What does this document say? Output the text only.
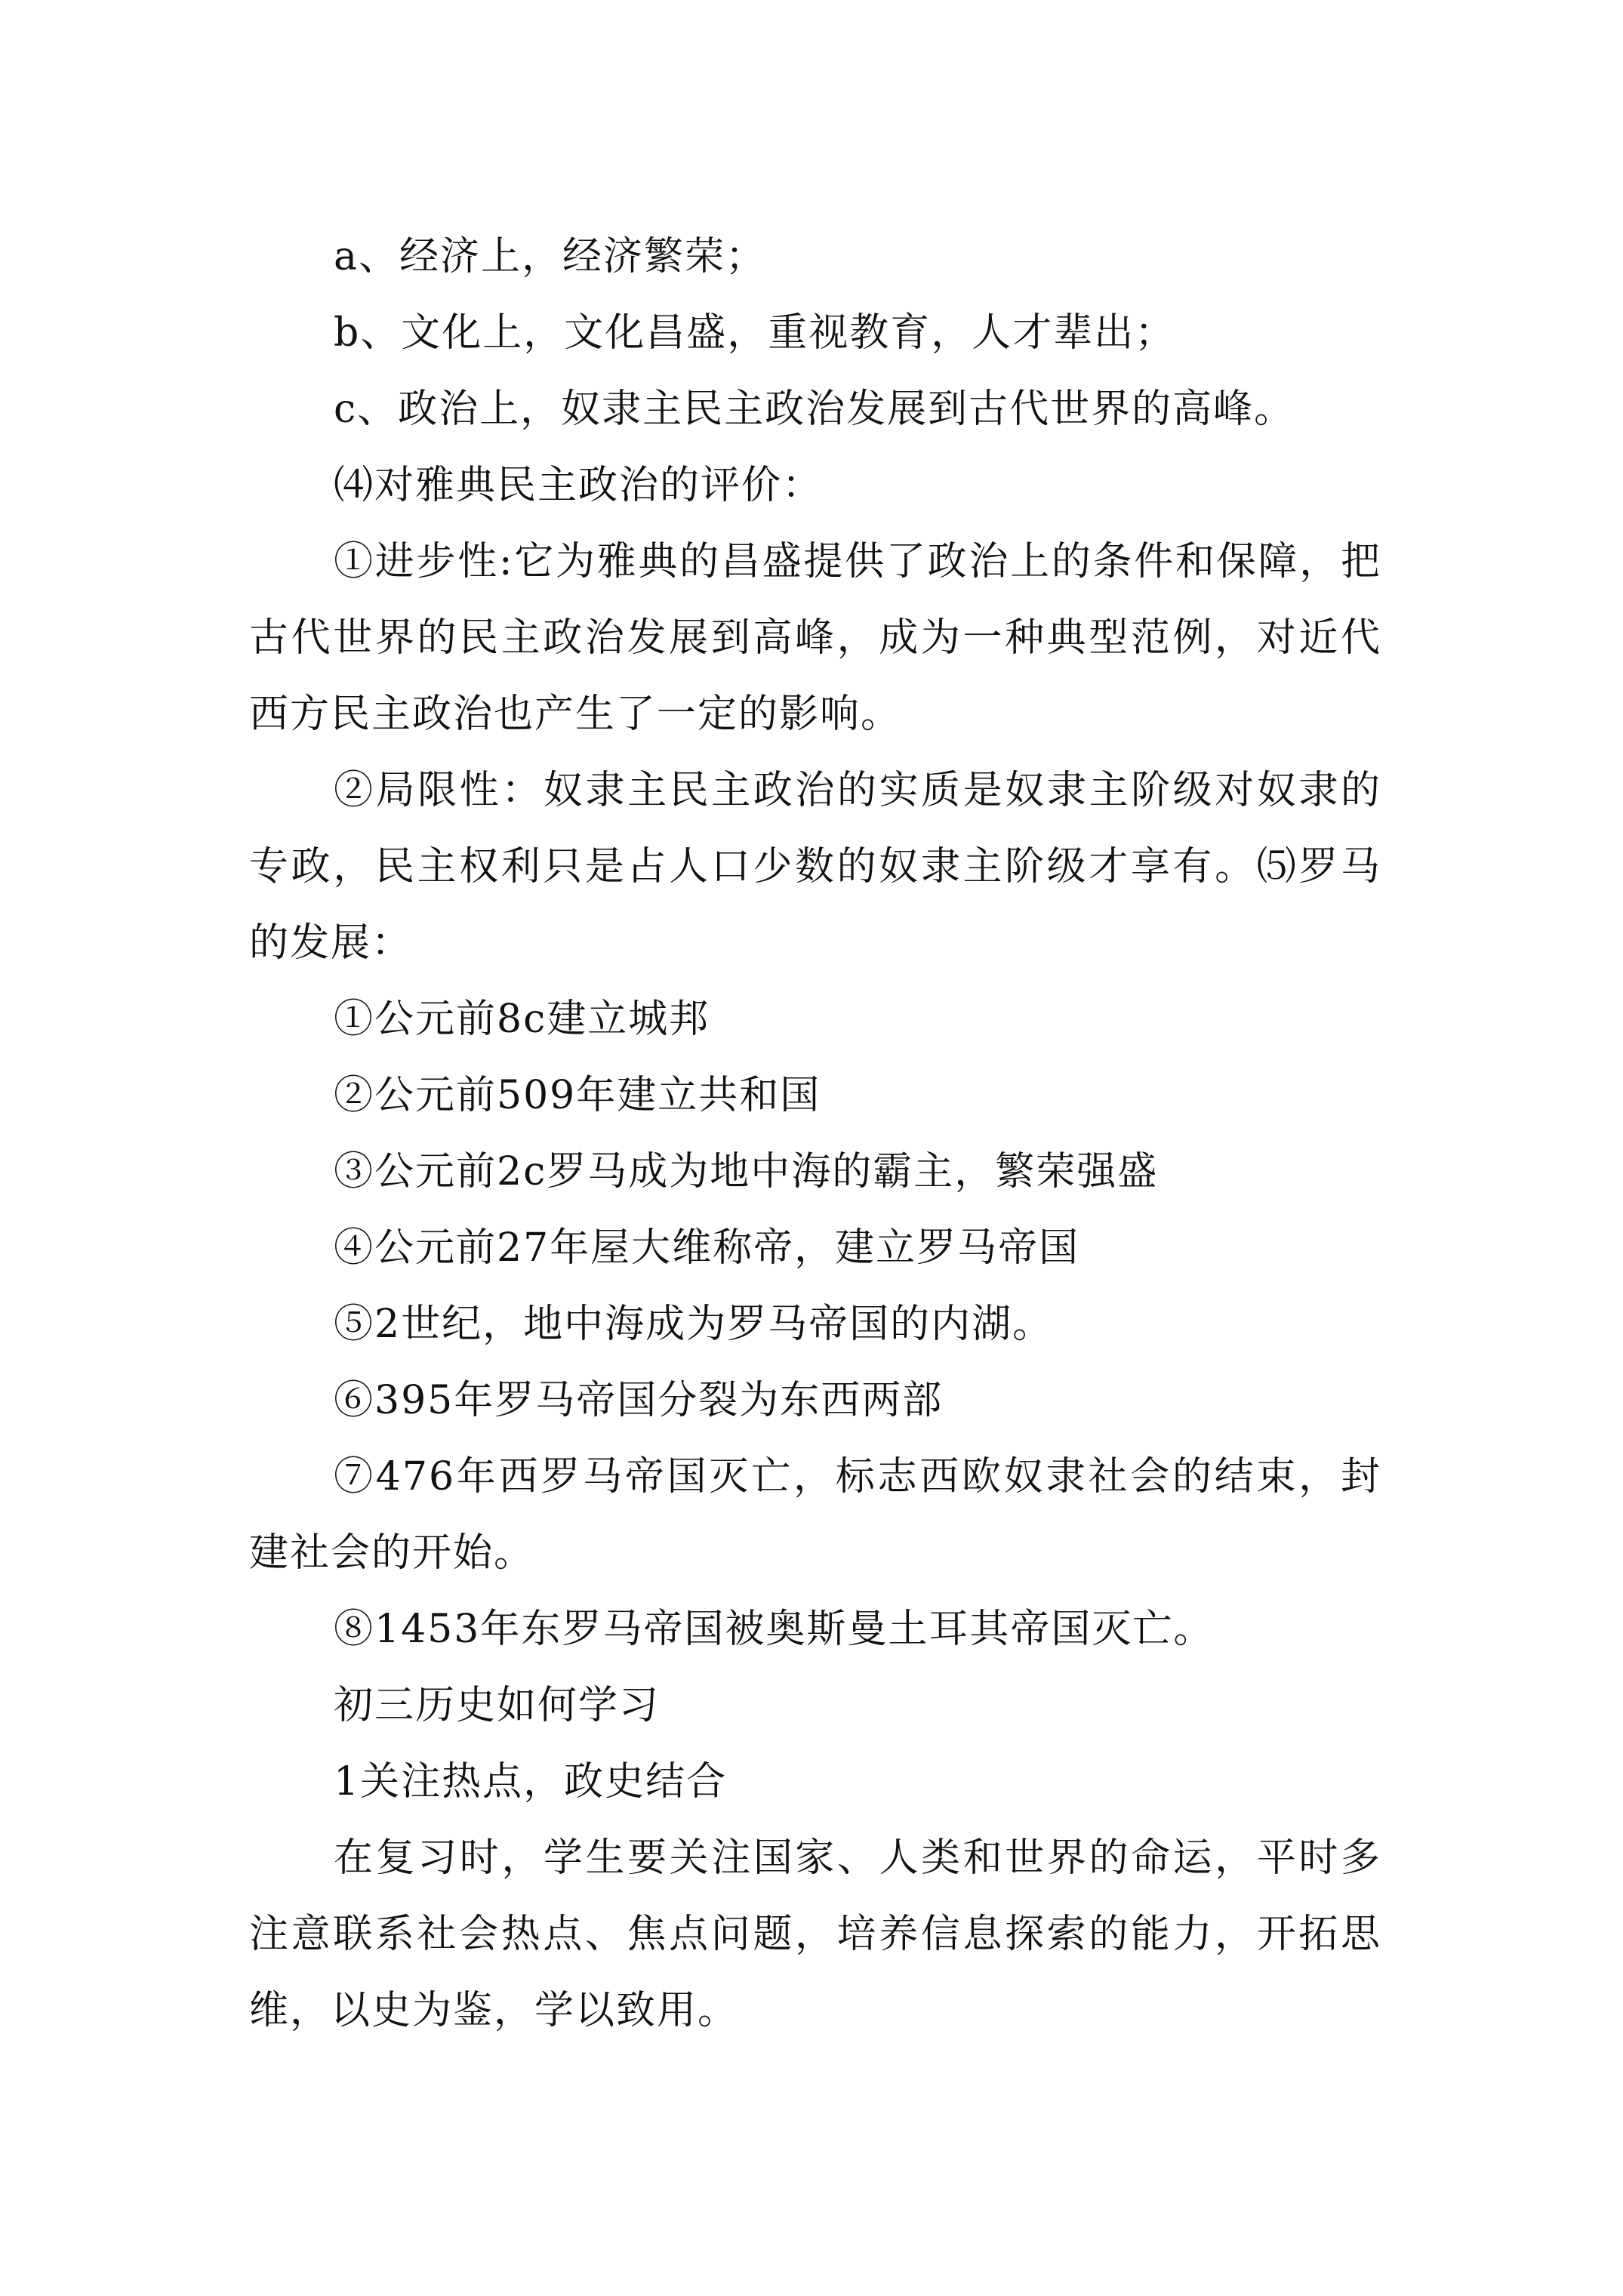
a、经济上，经济繁荣；

b、文化上，文化昌盛，重视教育，人才辈出；

c、政治上，奴隶主民主政治发展到古代世界的高峰。

⑷对雅典民主政治的评价：

①进步性:它为雅典的昌盛提供了政治上的条件和保障，把古代世界的民主政治发展到高峰，成为一种典型范例，对近代西方民主政治也产生了一定的影响。

②局限性：奴隶主民主政治的实质是奴隶主阶级对奴隶的专政，民主权利只是占人口少数的奴隶主阶级才享有。⑸罗马的发展：

①公元前8c建立城邦

②公元前509年建立共和国

③公元前2c罗马成为地中海的霸主，繁荣强盛

④公元前27年屋大维称帝，建立罗马帝国

⑤2世纪，地中海成为罗马帝国的内湖。

⑥395年罗马帝国分裂为东西两部

⑦476年西罗马帝国灭亡，标志西欧奴隶社会的结束，封建社会的开始。

⑧1453年东罗马帝国被奥斯曼土耳其帝国灭亡。

初三历史如何学习

1关注热点，政史结合

在复习时，学生要关注国家、人类和世界的命运，平时多注意联系社会热点、焦点问题，培养信息探索的能力，开拓思维，以史为鉴，学以致用。
